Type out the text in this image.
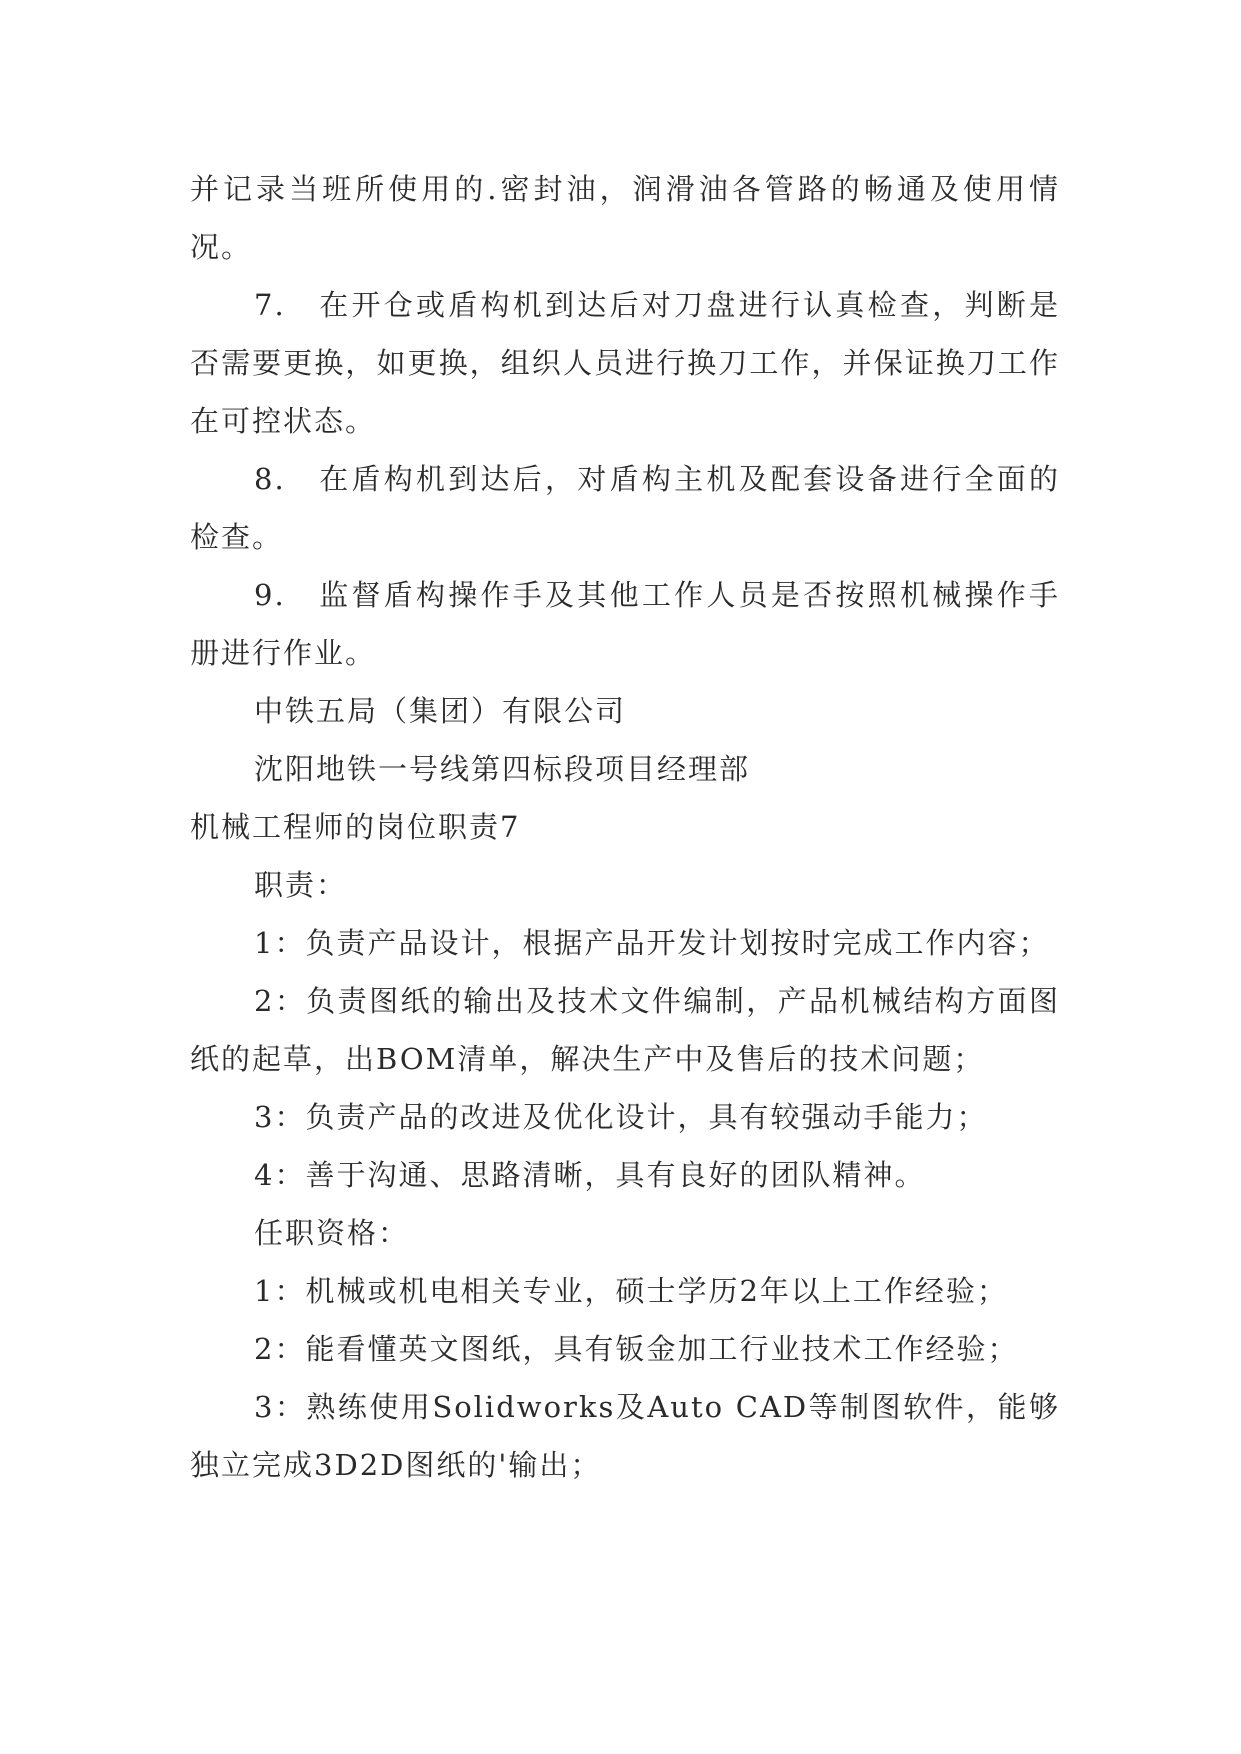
并记录当班所使用的.密封油，润滑油各管路的畅通及使用情况。

7.　在开仓或盾构机到达后对刀盘进行认真检查，判断是否需要更换，如更换，组织人员进行换刀工作，并保证换刀工作在可控状态。

8.　在盾构机到达后，对盾构主机及配套设备进行全面的检查。

9.　监督盾构操作手及其他工作人员是否按照机械操作手册进行作业。

中铁五局（集团）有限公司

沈阳地铁一号线第四标段项目经理部

机械工程师的岗位职责7

职责：

1：负责产品设计，根据产品开发计划按时完成工作内容；

2：负责图纸的输出及技术文件编制，产品机械结构方面图纸的起草，出BOM清单，解决生产中及售后的技术问题；

3：负责产品的改进及优化设计，具有较强动手能力；

4：善于沟通、思路清晰，具有良好的团队精神。

任职资格：

1：机械或机电相关专业，硕士学历2年以上工作经验；

2：能看懂英文图纸，具有钣金加工行业技术工作经验；

3：熟练使用Solidworks及Auto CAD等制图软件，能够独立完成3D2D图纸的'输出；
